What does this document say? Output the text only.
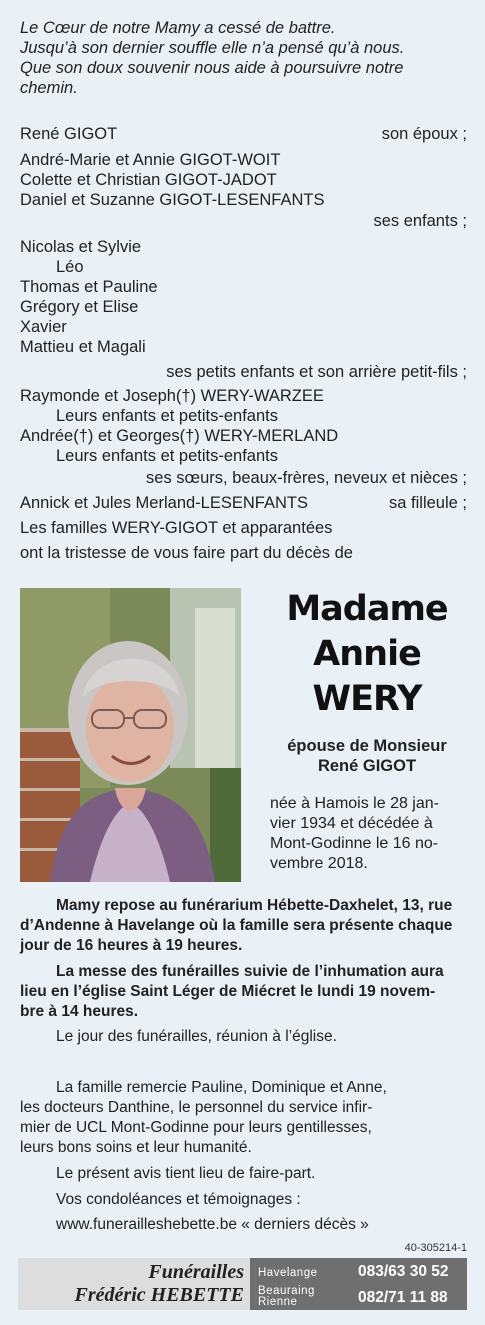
Le Cœur de notre Mamy a cessé de battre.
Jusqu’à son dernier souffle elle n’a pensé qu’à nous.
Que son doux souvenir nous aide à poursuivre notre
chemin.
René GIGOT	son époux ;
André-Marie et Annie GIGOT-WOIT
Colette et Christian GIGOT-JADOT
Daniel et Suzanne GIGOT-LESENFANTS
ses enfants ;
Nicolas et Sylvie
Léo
Thomas et Pauline
Grégory et Elise
Xavier
Mattieu et Magali
ses petits enfants et son arrière petit-fils ;
Raymonde et Joseph(†) WERY-WARZEE
Leurs enfants et petits-enfants
Andrée(†) et Georges(†) WERY-MERLAND
Leurs enfants et petits-enfants
ses sœurs, beaux-frères, neveux et nièces ;
Annick et Jules Merland-LESENFANTS	sa filleule ;
Les familles WERY-GIGOT et apparantées
ont la tristesse de vous faire part du décès de
Madame
Annie
WERY
épouse de Monsieur
René GIGOT
née à Hamois le 28 jan-
vier 1934 et décédée à
Mont-Godinne le 16 no-
vembre 2018.
Mamy repose au funérarium Hébette-Daxhelet, 13, rue
d’Andenne à Havelange où la famille sera présente chaque
jour de 16 heures à 19 heures.
La messe des funérailles suivie de l’inhumation aura
lieu en l’église Saint Léger de Miécret le lundi 19 novem-
bre à 14 heures.
Le jour des funérailles, réunion à l’église.
La famille remercie Pauline, Dominique et Anne,
les docteurs Danthine, le personnel du service infir-
mier de UCL Mont-Godinne pour leurs gentillesses,
leurs bons soins et leur humanité.
Le présent avis tient lieu de faire-part.
Vos condoléances et témoignages :
www.funerailleshebette.be « derniers décès »
40-305214-1
Funérailles
Frédéric HEBETTE
Havelange	083/63 30 52
Beauraing
Rienne	082/71 11 88
